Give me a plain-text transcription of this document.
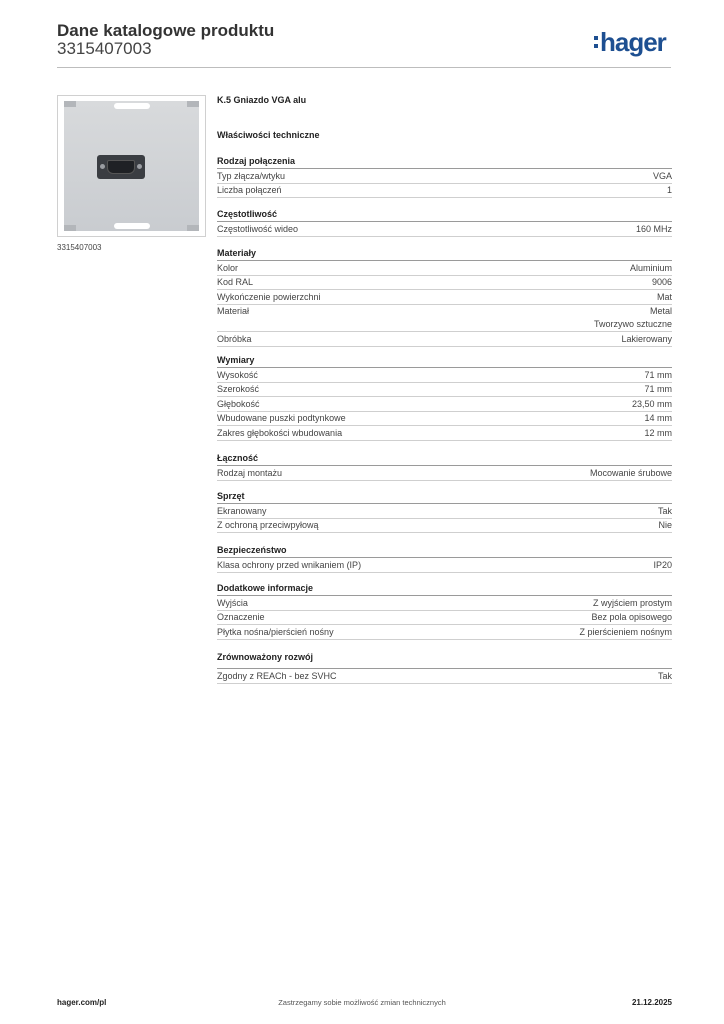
Dane katalogowe produktu
3315407003	hager
3315407003
K.5 Gniazdo VGA alu
Właściwości techniczne
Rodzaj połączenia
Typ złącza/wtyku	VGA
Liczba połączeń	1
Częstotliwość
Częstotliwość wideo	160 MHz
Materiały
Kolor	Aluminium
Kod RAL	9006
Wykończenie powierzchni	Mat
Materiał	Metal
Tworzywo sztuczne
Obróbka	Lakierowany
Wymiary
Wysokość	71 mm
Szerokość	71 mm
Głębokość	23,50 mm
Wbudowane puszki podtynkowe	14 mm
Zakres głębokości wbudowania	12 mm
Łączność
Rodzaj montażu	Mocowanie śrubowe
Sprzęt
Ekranowany	Tak
Z ochroną przeciwpyłową	Nie
Bezpieczeństwo
Klasa ochrony przed wnikaniem (IP)	IP20
Dodatkowe informacje
Wyjścia	Z wyjściem prostym
Oznaczenie	Bez pola opisowego
Płytka nośna/pierścień nośny	Z pierścieniem nośnym
Zrównoważony rozwój
Zgodny z REACh - bez SVHC	Tak
hager.com/pl	Zastrzegamy sobie możliwość zmian technicznych	21.12.2025
